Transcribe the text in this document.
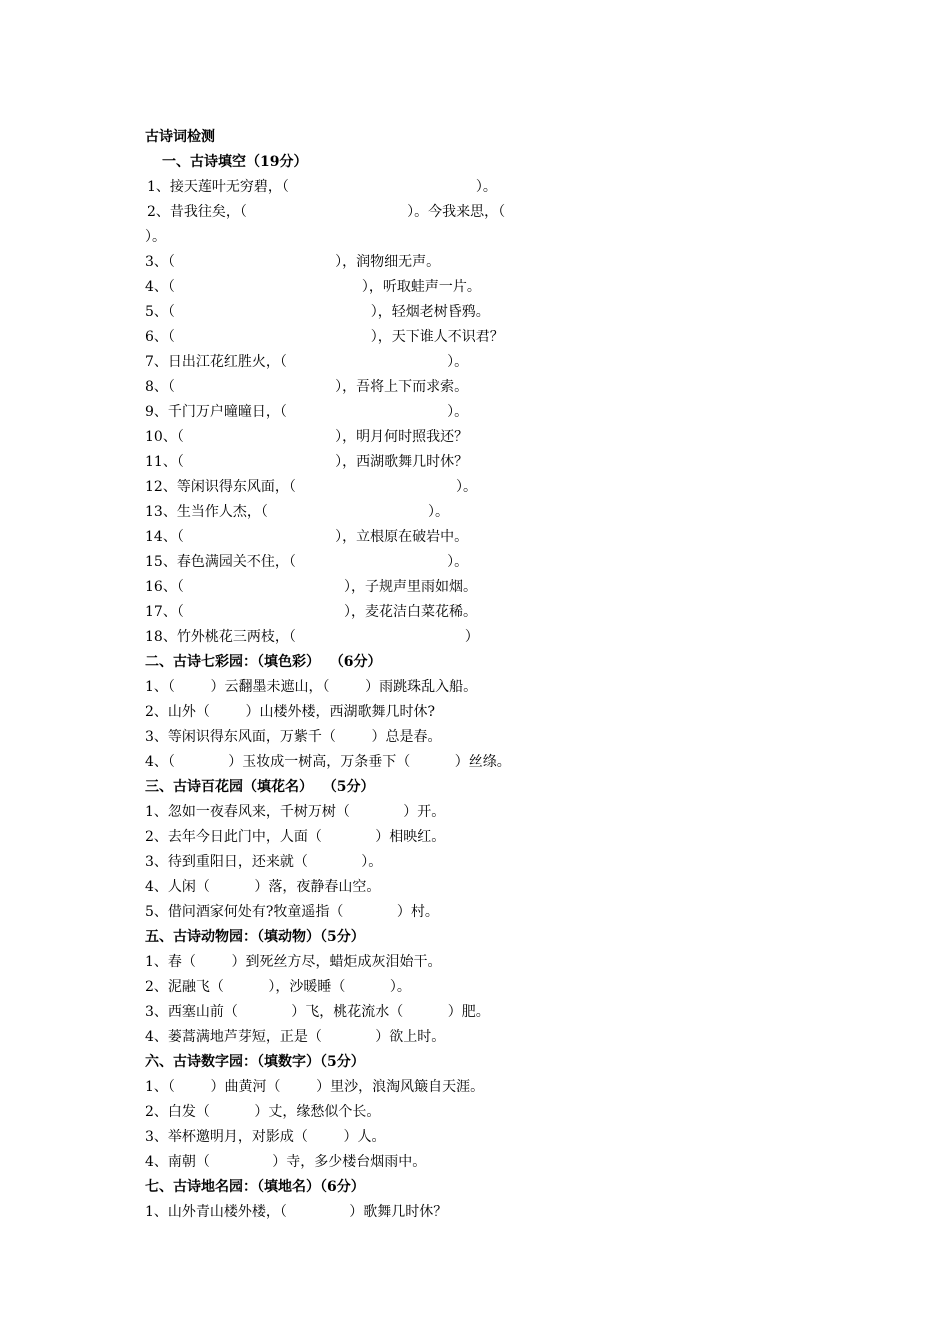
古诗词检测
一、古诗填空（19分）
1、接天莲叶无穷碧，（                                          ）。
2、昔我往矣，（                                    ）。今我来思，（
）。
3、（                                    ），润物细无声。
4、（                                          ），听取蛙声一片。
5、（                                            ），轻烟老树昏鸦。
6、（                                            ），天下谁人不识君？
7、日出江花红胜火，（                                    ）。
8、（                                    ），吾将上下而求索。
9、千门万户曈曈日，（                                    ）。
10、（                                  ），明月何时照我还？
11、（                                  ），西湖歌舞几时休？
12、等闲识得东风面，（                                    ）。
13、生当作人杰，（                                    ）。
14、（                                  ），立根原在破岩中。
15、春色满园关不住，（                                  ）。
16、（                                    ），子规声里雨如烟。
17、（                                    ），麦花洁白菜花稀。
18、竹外桃花三两枝，（                                      ）
二、古诗七彩园：（填色彩）  （6分）
1、（        ）云翻墨未遮山，（        ）雨跳珠乱入船。
2、山外（        ）山楼外楼，西湖歌舞几时休?
3、等闲识得东风面，万紫千（        ）总是春。
4、（            ）玉妆成一树高，万条垂下（          ）丝绦。
三、古诗百花园（填花名）  （5分）
1、忽如一夜春风来，千树万树（            ）开。
2、去年今日此门中，人面（            ）相映红。
3、待到重阳日，还来就（            ）。
4、人闲（          ）落，夜静春山空。
5、借问酒家何处有?牧童遥指（            ）村。
五、古诗动物园：（填动物）（5分）
1、春（        ）到死丝方尽，蜡炬成灰泪始干。
2、泥融飞（          ），沙暖睡（          ）。
3、西塞山前（            ）飞，桃花流水（          ）肥。
4、蒌蒿满地芦芽短，正是（            ）欲上时。
六、古诗数字园：（填数字）（5分）
1、（        ）曲黄河（        ）里沙，浪淘风簸自天涯。
2、白发（          ）丈，缘愁似个长。
3、举杯邀明月，对影成（        ）人。
4、南朝（              ）寺，多少楼台烟雨中。
七、古诗地名园：（填地名）（6分）
1、山外青山楼外楼，（              ）歌舞几时休？
